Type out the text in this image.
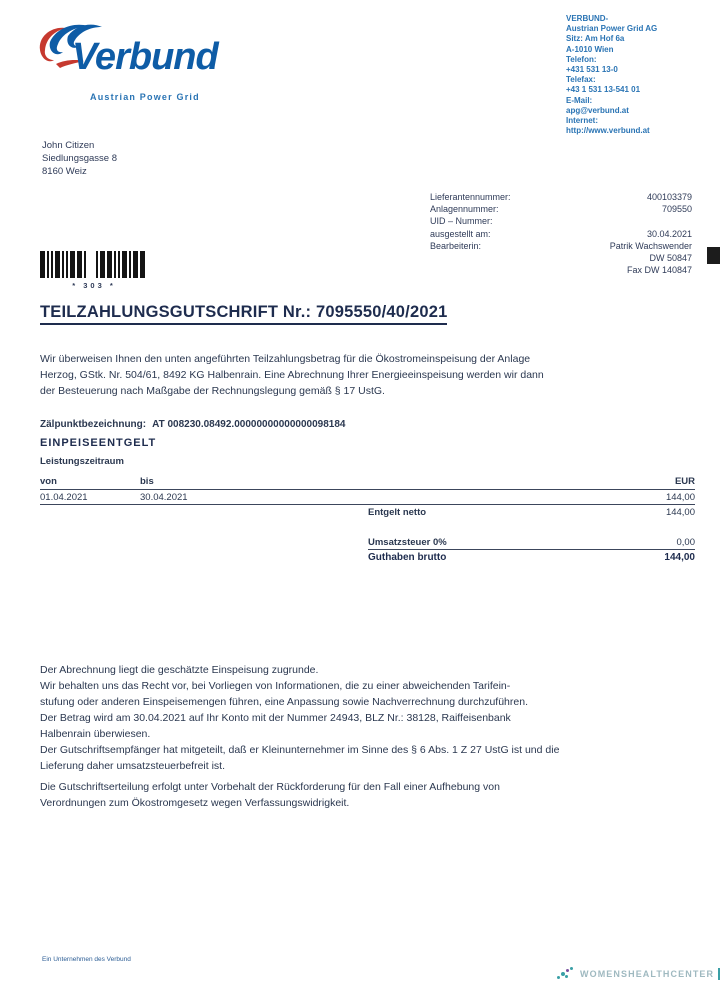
Verbund
Austrian Power Grid
VERBUND-
Austrian Power Grid AG
Sitz: Am Hof 6a
A-1010 Wien
Telefon:
+431 531 13-0
Telefax:
+43 1 531 13-541 01
E-Mail:
apg@verbund.at
Internet:
http://www.verbund.at
John Citizen
Siedlungsgasse 8
8160 Weiz
Lieferantennummer:	400103379
Anlagennummer:	709550
UID – Nummer:
ausgestellt am:	30.04.2021
Bearbeiterin:	Patrik Wachswender
DW 50847
Fax DW 140847
* 303 *
TEILZAHLUNGSGUTSCHRIFT Nr.: 7095550/40/2021
Wir überweisen Ihnen den unten angeführten Teilzahlungsbetrag für die Ökostromeinspeisung der Anlage
Herzog, GStk. Nr. 504/61, 8492 KG Halbenrain. Eine Abrechnung Ihrer Energieeinspeisung werden wir dann
der Besteuerung nach Maßgabe der Rechnungslegung gemäß § 17 UstG.
Zälpunktbezeichnung: AT 008230.08492.00000000000000098184
EINPEISEENTGELT
Leistungszeitraum
von	bis	EUR
01.04.2021	30.04.2021	144,00
Entgelt netto	144,00
Umsatzsteuer 0%	0,00
Guthaben brutto	144,00
Der Abrechnung liegt die geschätzte Einspeisung zugrunde.
Wir behalten uns das Recht vor, bei Vorliegen von Informationen, die zu einer abweichenden Tarifein-
stufung oder anderen Einspeisemengen führen, eine Anpassung sowie Nachverrechnung durchzuführen.
Der Betrag wird am 30.04.2021 auf Ihr Konto mit der Nummer 24943, BLZ Nr.: 38128, Raiffeisenbank
Halbenrain überwiesen.
Der Gutschriftsempfänger hat mitgeteilt, daß er Kleinunternehmer im Sinne des § 6 Abs. 1 Z 27 UstG ist und die
Lieferung daher umsatzsteuerbefreit ist.
Die Gutschriftserteilung erfolgt unter Vorbehalt der Rückforderung für den Fall einer Aufhebung von
Verordnungen zum Ökostromgesetz wegen Verfassungswidrigkeit.
Ein Unternehmen des Verbund
WOMENSHEALTHCENTER
